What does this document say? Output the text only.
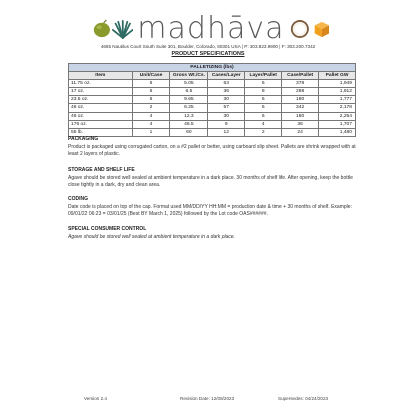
madhāva
4665 Nautilus Court South Suite 301, Boulder, Colorado, 80301 USA | P: 303.823.9900 | F: 303.200.7342
PRODUCT SPECIFICATIONS
PALLETIZING (lbs)						
Item	Unit/Case	Gross Wt./Cs.	Cases/Layer	Layer/Pallet	Case/Pallet	Pallet GW
11.75 oz.	6	5.05	63	6	378	1,949
17 oz.	6	6.5	36	8	288	1,912
23.5 oz.	6	9.65	30	6	180	1,777
46 oz.	2	6.25	57	6	342	2,178
46 oz.	4	12.3	30	6	180	2,254
176 oz.	4	46.5	9	4	36	1,707
55 lb.	1	60	12	2	24	1,480
PACKAGING
Product is packaged using corrugated carton, on a #2 pallet or better, using carboard slip sheet. Pallets are shrink wrapped with at least 2 layers of plastic.
STORAGE AND SHELF LIFE
Agave should be stored well sealed at ambient temperature in a dark place. 30 months of shelf life. After opening, keep the bottle close tightly in a dark, dry and clean area.
CODING
Date code is placed on top of the cap. Format used MM/DD/YY HH:MM = production date & time + 30 months of shelf. Example: 09/01/22 06:23 = 03/01/25 (Best BY March 1, 2025) followed by the Lot code OAS######.
SPECIAL CONSUMER CONTROL
Agave should be stored well sealed at ambient temperature in a dark place.
Version 2.4	Revision Date: 12/08/2023	Supersedes: 04/24/2023
